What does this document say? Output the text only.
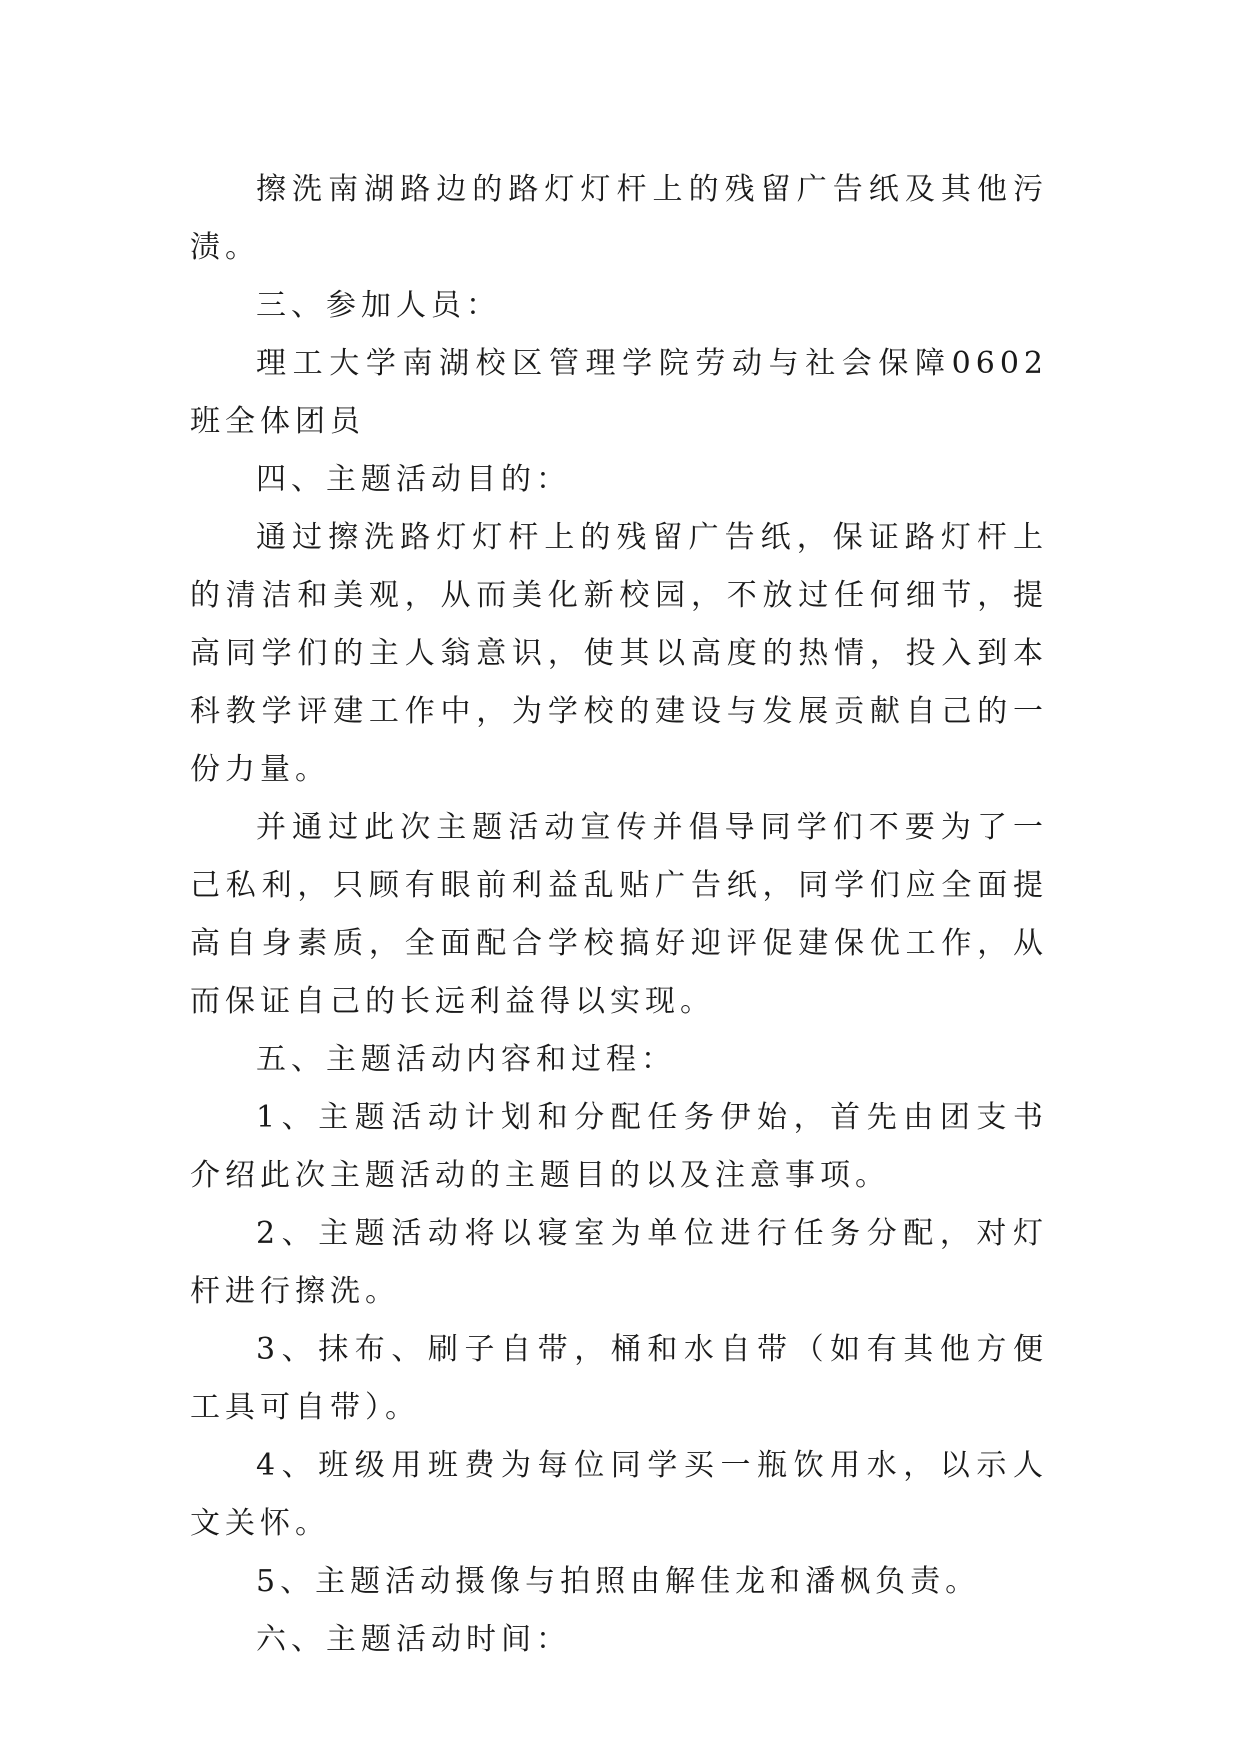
擦洗南湖路边的路灯灯杆上的残留广告纸及其他污渍。

三、参加人员：

理工大学南湖校区管理学院劳动与社会保障0602班全体团员

四、主题活动目的：

通过擦洗路灯灯杆上的残留广告纸，保证路灯杆上的清洁和美观，从而美化新校园，不放过任何细节，提高同学们的主人翁意识，使其以高度的热情，投入到本科教学评建工作中，为学校的建设与发展贡献自己的一份力量。

并通过此次主题活动宣传并倡导同学们不要为了一己私利，只顾有眼前利益乱贴广告纸，同学们应全面提高自身素质，全面配合学校搞好迎评促建保优工作，从而保证自己的长远利益得以实现。

五、主题活动内容和过程：

1、主题活动计划和分配任务伊始，首先由团支书介绍此次主题活动的主题目的以及注意事项。

2、主题活动将以寝室为单位进行任务分配，对灯杆进行擦洗。

3、抹布、刷子自带，桶和水自带（如有其他方便工具可自带）。

4、班级用班费为每位同学买一瓶饮用水，以示人文关怀。

5、主题活动摄像与拍照由解佳龙和潘枫负责。

六、主题活动时间：
